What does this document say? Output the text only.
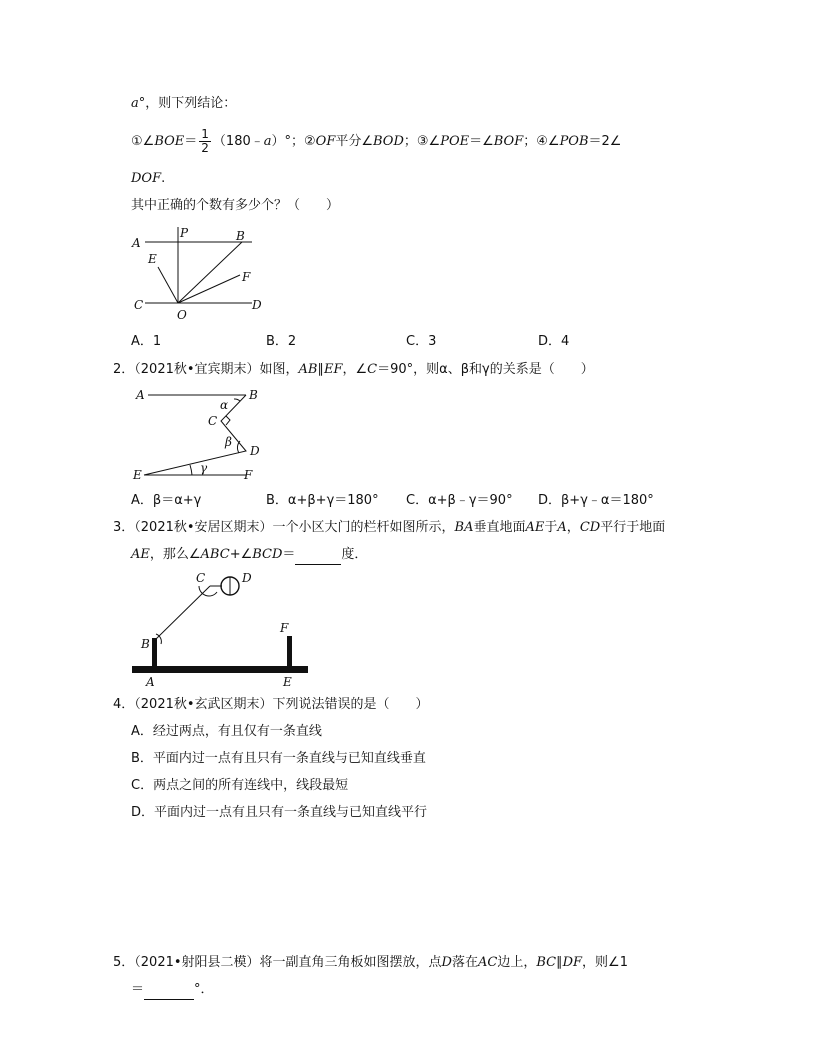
a°，则下列结论：
①∠BOE＝ $\frac{1}{2}$ （180﹣a）°；②OF平分∠BOD；③∠POE＝∠BOF；④∠POB＝2∠
DOF.
其中正确的个数有多少个？（　　）
A
P	B
E
F
C	D
O
A．1	B．2	C．3	D．4
2．（2021秋•宜宾期末）如图，AB∥EF，∠C＝90°，则α、β和γ的关系是（　　）
A	B
α
C
β
D
E	γ	F
A．β＝α+γ	B．α+β+γ＝180° C．α+β﹣γ＝90° D．β+γ﹣α＝180°
3．（2021秋•安居区期末）一个小区大门的栏杆如图所示，BA垂直地面AE于A，CD平行于地面
AE，那么∠ABC+∠BCD＝	度．
C	D
B
F
A	E
4．（2021秋•玄武区期末）下列说法错误的是（　　）
A．经过两点，有且仅有一条直线
B．平面内过一点有且只有一条直线与已知直线垂直
C．两点之间的所有连线中，线段最短
D．平面内过一点有且只有一条直线与已知直线平行
5．（2021•射阳县二模）将一副直角三角板如图摆放，点D落在AC边上，BC∥DF，则∠1
＝	°．
